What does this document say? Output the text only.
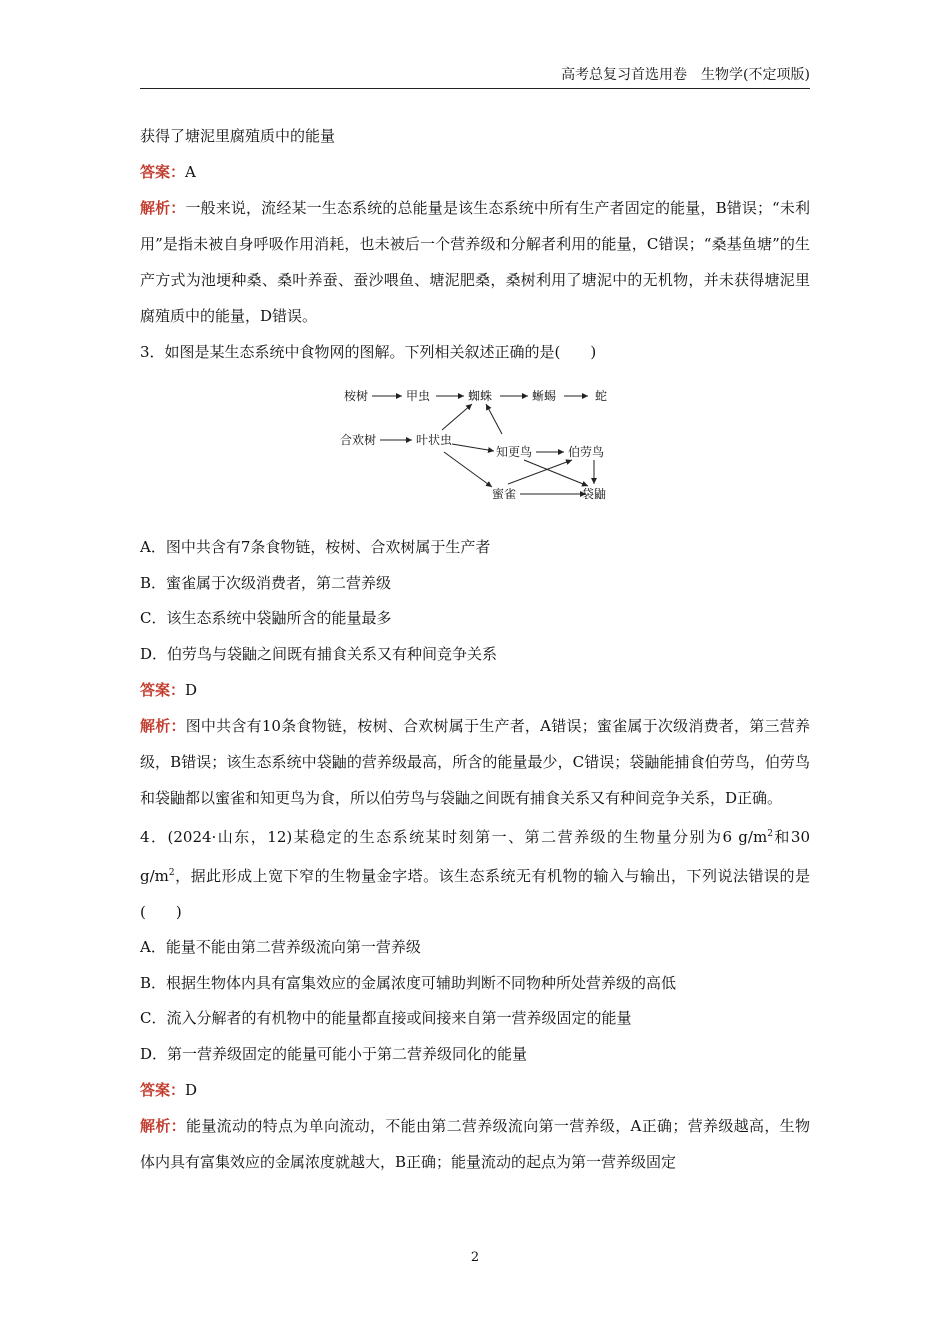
高考总复习首选用卷　生物学(不定项版)

获得了塘泥里腐殖质中的能量

答案：A

解析：一般来说，流经某一生态系统的总能量是该生态系统中所有生产者固定的能量，B错误；“未利用”是指未被自身呼吸作用消耗，也未被后一个营养级和分解者利用的能量，C错误；“桑基鱼塘”的生产方式为池埂种桑、桑叶养蚕、蚕沙喂鱼、塘泥肥桑，桑树利用了塘泥中的无机物，并未获得塘泥里腐殖质中的能量，D错误。

3．如图是某生态系统中食物网的图解。下列相关叙述正确的是(　　)

桉树	甲虫	蜘蛛	蜥蜴	蛇
合欢树	叶状虫
知更鸟	伯劳鸟
蜜雀	袋鼬

A．图中共含有7条食物链，桉树、合欢树属于生产者

B．蜜雀属于次级消费者，第二营养级

C．该生态系统中袋鼬所含的能量最多

D．伯劳鸟与袋鼬之间既有捕食关系又有种间竞争关系

答案：D

解析：图中共含有10条食物链，桉树、合欢树属于生产者，A错误；蜜雀属于次级消费者，第三营养级，B错误；该生态系统中袋鼬的营养级最高，所含的能量最少，C错误；袋鼬能捕食伯劳鸟，伯劳鸟和袋鼬都以蜜雀和知更鸟为食，所以伯劳鸟与袋鼬之间既有捕食关系又有种间竞争关系，D正确。

4．(2024·山东，12)某稳定的生态系统某时刻第一、第二营养级的生物量分别为6 $g/m^2$和30 $g/m^2$，据此形成上宽下窄的生物量金字塔。该生态系统无有机物的输入与输出，下列说法错误的是(　　)

A．能量不能由第二营养级流向第一营养级

B．根据生物体内具有富集效应的金属浓度可辅助判断不同物种所处营养级的高低

C．流入分解者的有机物中的能量都直接或间接来自第一营养级固定的能量

D．第一营养级固定的能量可能小于第二营养级同化的能量

答案：D

解析：能量流动的特点为单向流动，不能由第二营养级流向第一营养级，A正确；营养级越高，生物体内具有富集效应的金属浓度就越大，B正确；能量流动的起点为第一营养级固定

2
